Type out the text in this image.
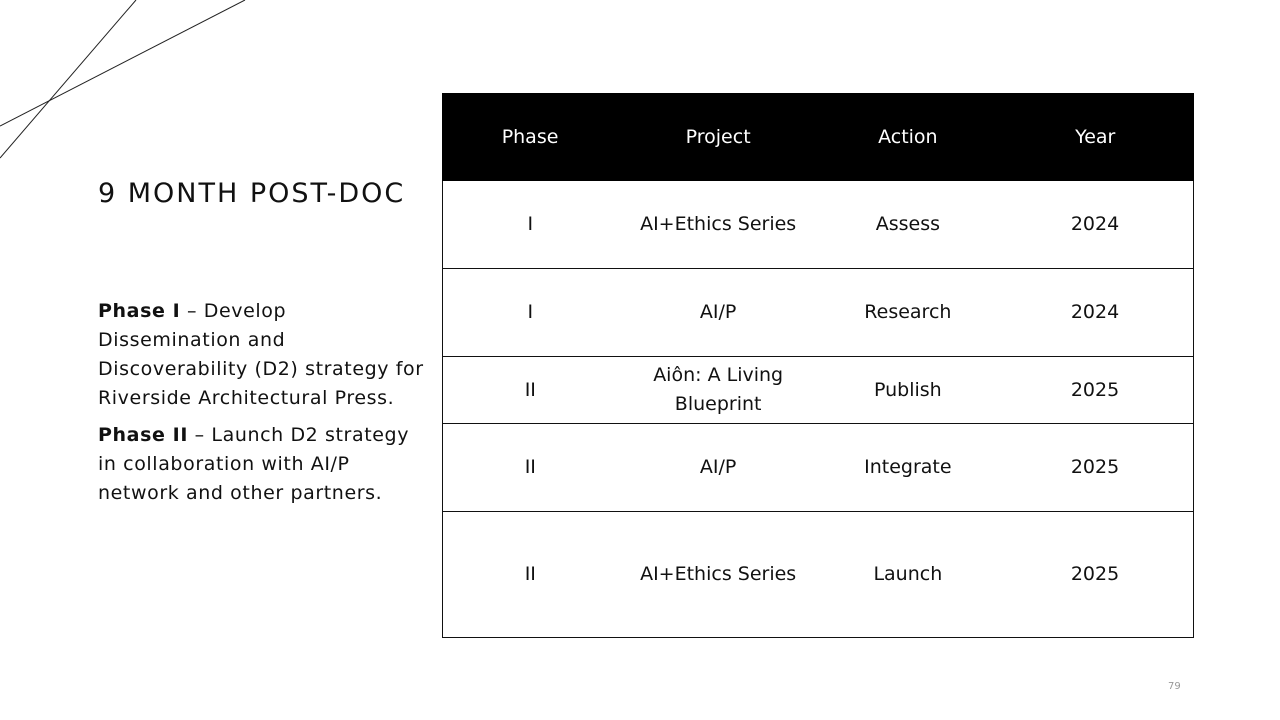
9 MONTH POST-DOC

Phase I – Develop Dissemination and Discoverability (D2) strategy for Riverside Architectural Press.

Phase II – Launch D2 strategy in collaboration with AI/P network and other partners.

Phase	Project	Action	Year
I	AI+Ethics Series	Assess	2024
I	AI/P	Research	2024
II	Aiôn: A Living Blueprint	Publish	2025
II	AI/P	Integrate	2025
II	AI+Ethics Series	Launch	2025
79
